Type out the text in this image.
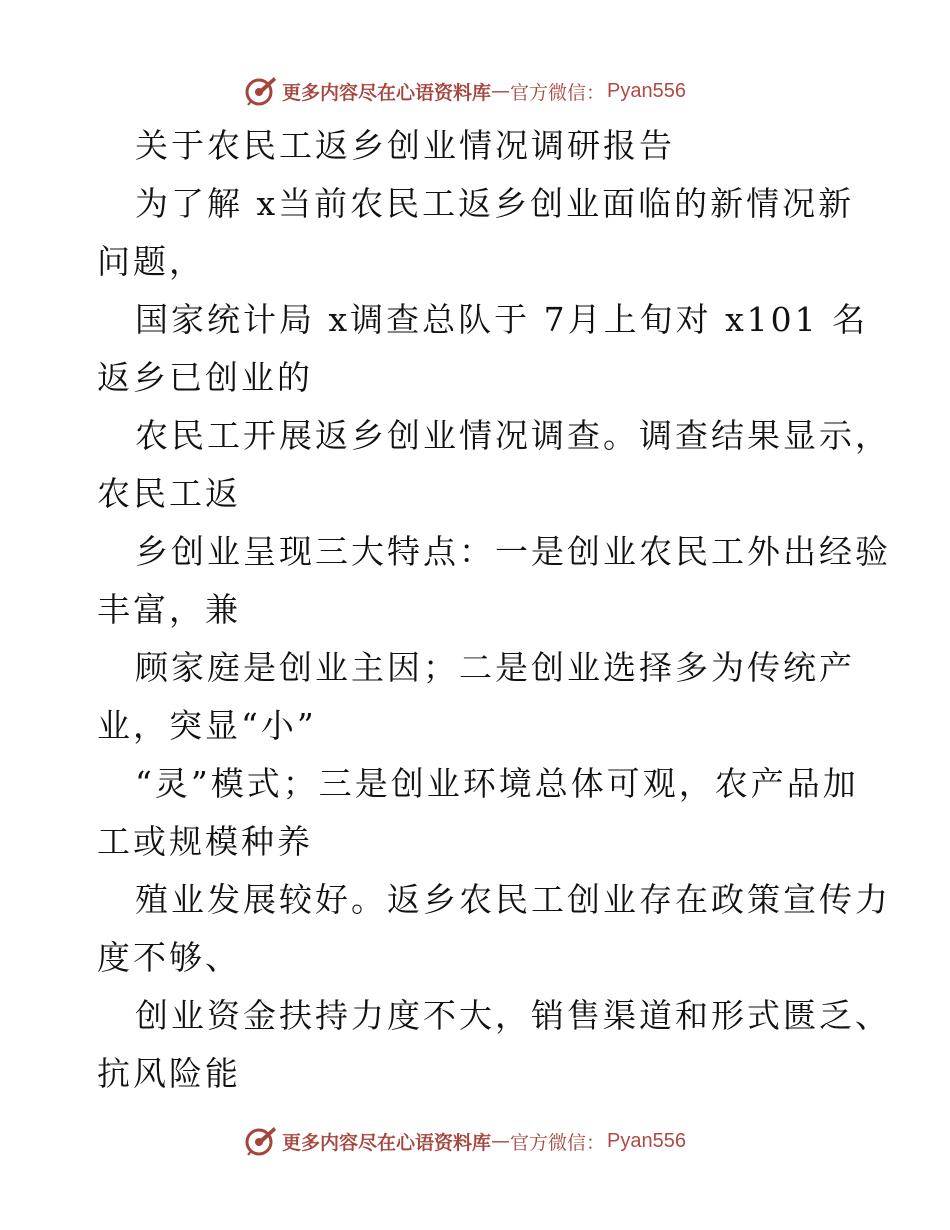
更多内容尽在心语资料库 — 官方微信： Pyan556
关于农民工返乡创业情况调研报告
为了解 x当前农民工返乡创业面临的新情况新
问题，
国家统计局 x调查总队于 7月上旬对 x101 名
返乡已创业的
农民工开展返乡创业情况调查。调查结果显示，
农民工返
乡创业呈现三大特点：一是创业农民工外出经验
丰富，兼
顾家庭是创业主因；二是创业选择多为传统产
业，突显“小”
“灵”模式；三是创业环境总体可观，农产品加
工或规模种养
殖业发展较好。返乡农民工创业存在政策宣传力
度不够、
创业资金扶持力度不大，销售渠道和形式匮乏、
抗风险能
更多内容尽在心语资料库 — 官方微信： Pyan556
